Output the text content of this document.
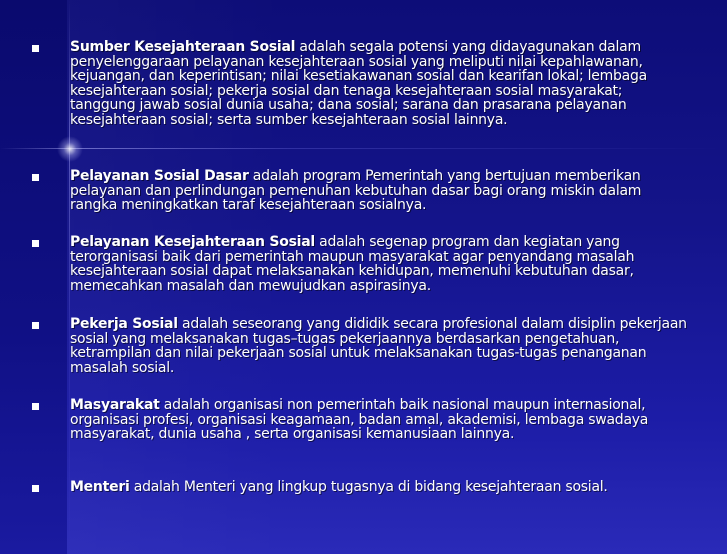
Sumber Kesejahteraan Sosial adalah segala potensi yang didayagunakan dalam penyelenggaraan pelayanan kesejahteraan sosial yang meliputi nilai kepahlawanan, kejuangan, dan keperintisan; nilai kesetiakawanan sosial dan kearifan lokal; lembaga kesejahteraan sosial; pekerja sosial dan tenaga kesejahteraan sosial masyarakat; tanggung jawab sosial dunia usaha; dana sosial; sarana dan prasarana pelayanan kesejahteraan sosial; serta sumber kesejahteraan sosial lainnya.
Pelayanan Sosial Dasar adalah program Pemerintah yang bertujuan memberikan pelayanan dan perlindungan pemenuhan kebutuhan dasar bagi orang miskin dalam rangka meningkatkan taraf kesejahteraan sosialnya.
Pelayanan Kesejahteraan Sosial adalah segenap program dan kegiatan yang terorganisasi baik dari pemerintah maupun masyarakat agar penyandang masalah kesejahteraan sosial dapat melaksanakan kehidupan, memenuhi kebutuhan dasar, memecahkan masalah dan mewujudkan aspirasinya.
Pekerja Sosial adalah seseorang yang dididik secara profesional dalam disiplin pekerjaan sosial yang melaksanakan tugas–tugas pekerjaannya berdasarkan pengetahuan, ketrampilan dan nilai pekerjaan sosial untuk melaksanakan tugas-tugas penanganan masalah sosial.
Masyarakat adalah organisasi non pemerintah baik nasional maupun internasional, organisasi profesi, organisasi keagamaan, badan amal, akademisi, lembaga swadaya masyarakat, dunia usaha , serta organisasi kemanusiaan lainnya.
Menteri adalah Menteri yang lingkup tugasnya di bidang kesejahteraan sosial.
